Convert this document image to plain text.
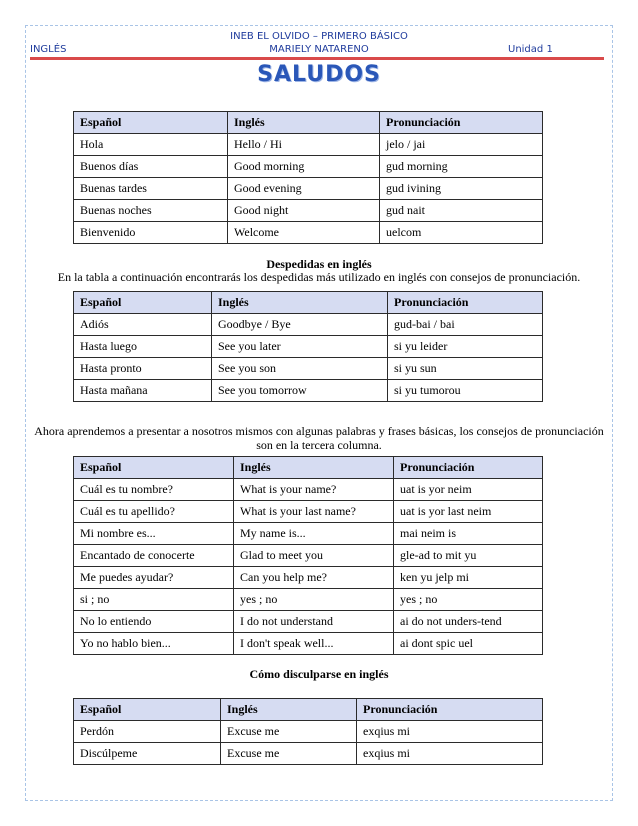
INEB EL OLVIDO – PRIMERO BÁSICO
INGLÉS	MARIELY NATARENO	Unidad 1
SALUDOS
Español	Inglés	Pronunciación
Hola	Hello / Hi	jelo / jai
Buenos días	Good morning	gud morning
Buenas tardes	Good evening	gud ivining
Buenas noches	Good night	gud nait
Bienvenido	Welcome	uelcom
Despedidas en inglés
En la tabla a continuación encontrarás los despedidas más utilizado en inglés con consejos de pronunciación.
Español	Inglés	Pronunciación
Adiós	Goodbye / Bye	gud-bai / bai
Hasta luego	See you later	si yu leider
Hasta pronto	See you son	si yu sun
Hasta mañana	See you tomorrow	si yu tumorou
Ahora aprendemos a presentar a nosotros mismos con algunas palabras y frases básicas, los consejos de pronunciación
son en la tercera columna.
Español	Inglés	Pronunciación
Cuál es tu nombre?	What is your name?	uat is yor neim
Cuál es tu apellido?	What is your last name?	uat is yor last neim
Mi nombre es...	My name is...	mai neim is
Encantado de conocerte	Glad to meet you	gle-ad to mit yu
Me puedes ayudar?	Can you help me?	ken yu jelp mi
si ; no	yes ; no	yes ; no
No lo entiendo	I do not understand	ai do not unders-tend
Yo no hablo bien...	I don't speak well...	ai dont spic uel
Cómo disculparse en inglés
Español	Inglés	Pronunciación
Perdón	Excuse me	exqius mi
Discúlpeme	Excuse me	exqius mi
